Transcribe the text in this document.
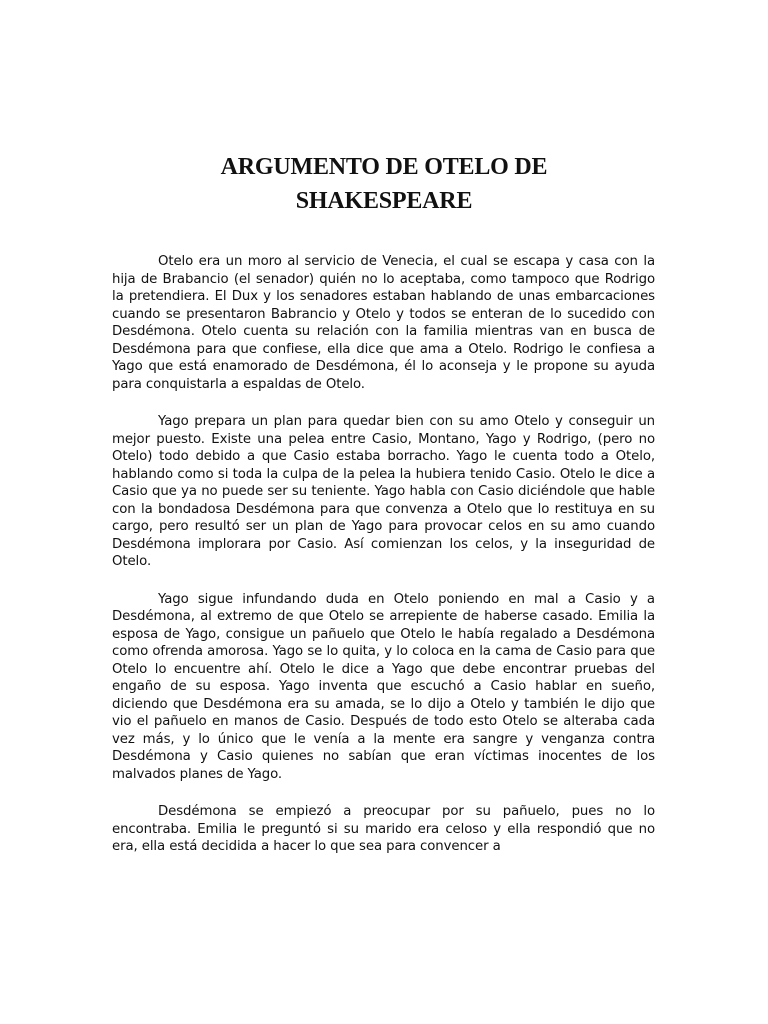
ARGUMENTO DE OTELO DE
SHAKESPEARE

Otelo era un moro al servicio de Venecia, el cual se escapa y casa con la hija de Brabancio (el senador) quién no lo aceptaba, como tampoco que Rodrigo la pretendiera. El Dux y los senadores estaban hablando de unas embarcaciones cuando se presentaron Babrancio y Otelo y todos se enteran de lo sucedido con Desdémona. Otelo cuenta su relación con la familia mientras van en busca de Desdémona para que confiese, ella dice que ama a Otelo. Rodrigo le confiesa a Yago que está enamorado de Desdémona, él lo aconseja y le propone su ayuda para conquistarla a espaldas de Otelo.

Yago prepara un plan para quedar bien con su amo Otelo y conseguir un mejor puesto. Existe una pelea entre Casio, Montano, Yago y Rodrigo, (pero no Otelo) todo debido a que Casio estaba borracho. Yago le cuenta todo a Otelo, hablando como si toda la culpa de la pelea la hubiera tenido Casio. Otelo le dice a Casio que ya no puede ser su teniente. Yago habla con Casio diciéndole que hable con la bondadosa Desdémona para que convenza a Otelo que lo restituya en su cargo, pero resultó ser un plan de Yago para provocar celos en su amo cuando Desdémona implorara por Casio. Así comienzan los celos, y la inseguridad de Otelo.

Yago sigue infundando duda en Otelo poniendo en mal a Casio y a Desdémona, al extremo de que Otelo se arrepiente de haberse casado. Emilia la esposa de Yago, consigue un pañuelo que Otelo le había regalado a Desdémona como ofrenda amorosa. Yago se lo quita, y lo coloca en la cama de Casio para que Otelo lo encuentre ahí. Otelo le dice a Yago que debe encontrar pruebas del engaño de su esposa. Yago inventa que escuchó a Casio hablar en sueño, diciendo que Desdémona era su amada, se lo dijo a Otelo y también le dijo que vio el pañuelo en manos de Casio. Después de todo esto Otelo se alteraba cada vez más, y lo único que le venía a la mente era sangre y venganza contra Desdémona y Casio quienes no sabían que eran víctimas inocentes de los malvados planes de Yago.

Desdémona se empiezó a preocupar por su pañuelo, pues no lo encontraba. Emilia le preguntó si su marido era celoso y ella respondió que no era, ella está decidida a hacer lo que sea para convencer a
